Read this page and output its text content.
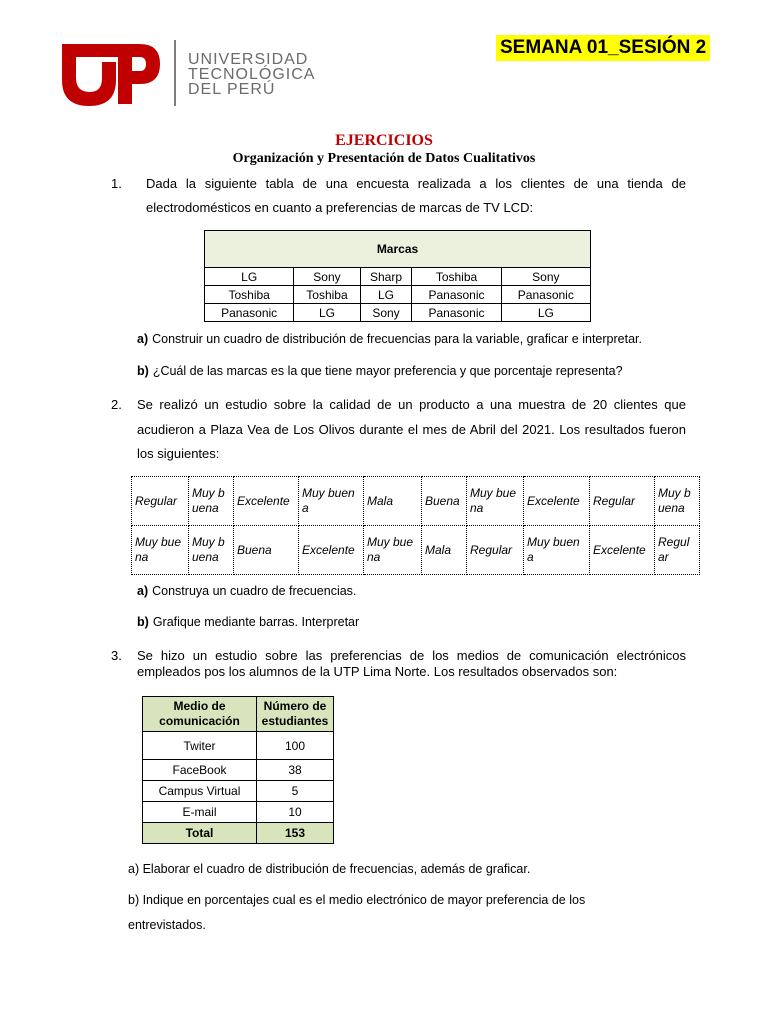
UNIVERSIDAD
TECNOLÓGICA
DEL PERÚ
SEMANA 01_SESIÓN 2
EJERCICIOS
Organización y Presentación de Datos Cualitativos
1. Dada la siguiente tabla de una encuesta realizada a los clientes de una tienda de
electrodomésticos en cuanto a preferencias de marcas de TV LCD:
Marcas				
LG	Sony	Sharp	Toshiba	Sony
Toshiba	Toshiba	LG	Panasonic	Panasonic
Panasonic	LG	Sony	Panasonic	LG
a) Construir un cuadro de distribución de frecuencias para la variable, graficar e interpretar.
b) ¿Cuál de las marcas es la que tiene mayor preferencia y que porcentaje representa?
2. Se realizó un estudio sobre la calidad de un producto a una muestra de 20 clientes que
acudieron a Plaza Vea de Los Olivos durante el mes de Abril del 2021. Los resultados fueron
los siguientes:
Regular	Muy buena	Excelente	Muy buena	Mala	Buena	Muy buena	Excelente	Regular	Muy buena
Muy buena	Muy buena	Buena	Excelente	Muy buena	Mala	Regular	Muy buena	Excelente	Regular
a) Construya un cuadro de frecuencias.
b) Grafique mediante barras. Interpretar
3. Se hizo un estudio sobre las preferencias de los medios de comunicación electrónicos
empleados pos los alumnos de la UTP Lima Norte. Los resultados observados son:
Medio de comunicación	Número de estudiantes
Twiter	100
FaceBook	38
Campus Virtual	5
E-mail	10
Total	153
a) Elaborar el cuadro de distribución de frecuencias, además de graficar.
b) Indique en porcentajes cual es el medio electrónico de mayor preferencia de los
entrevistados.
